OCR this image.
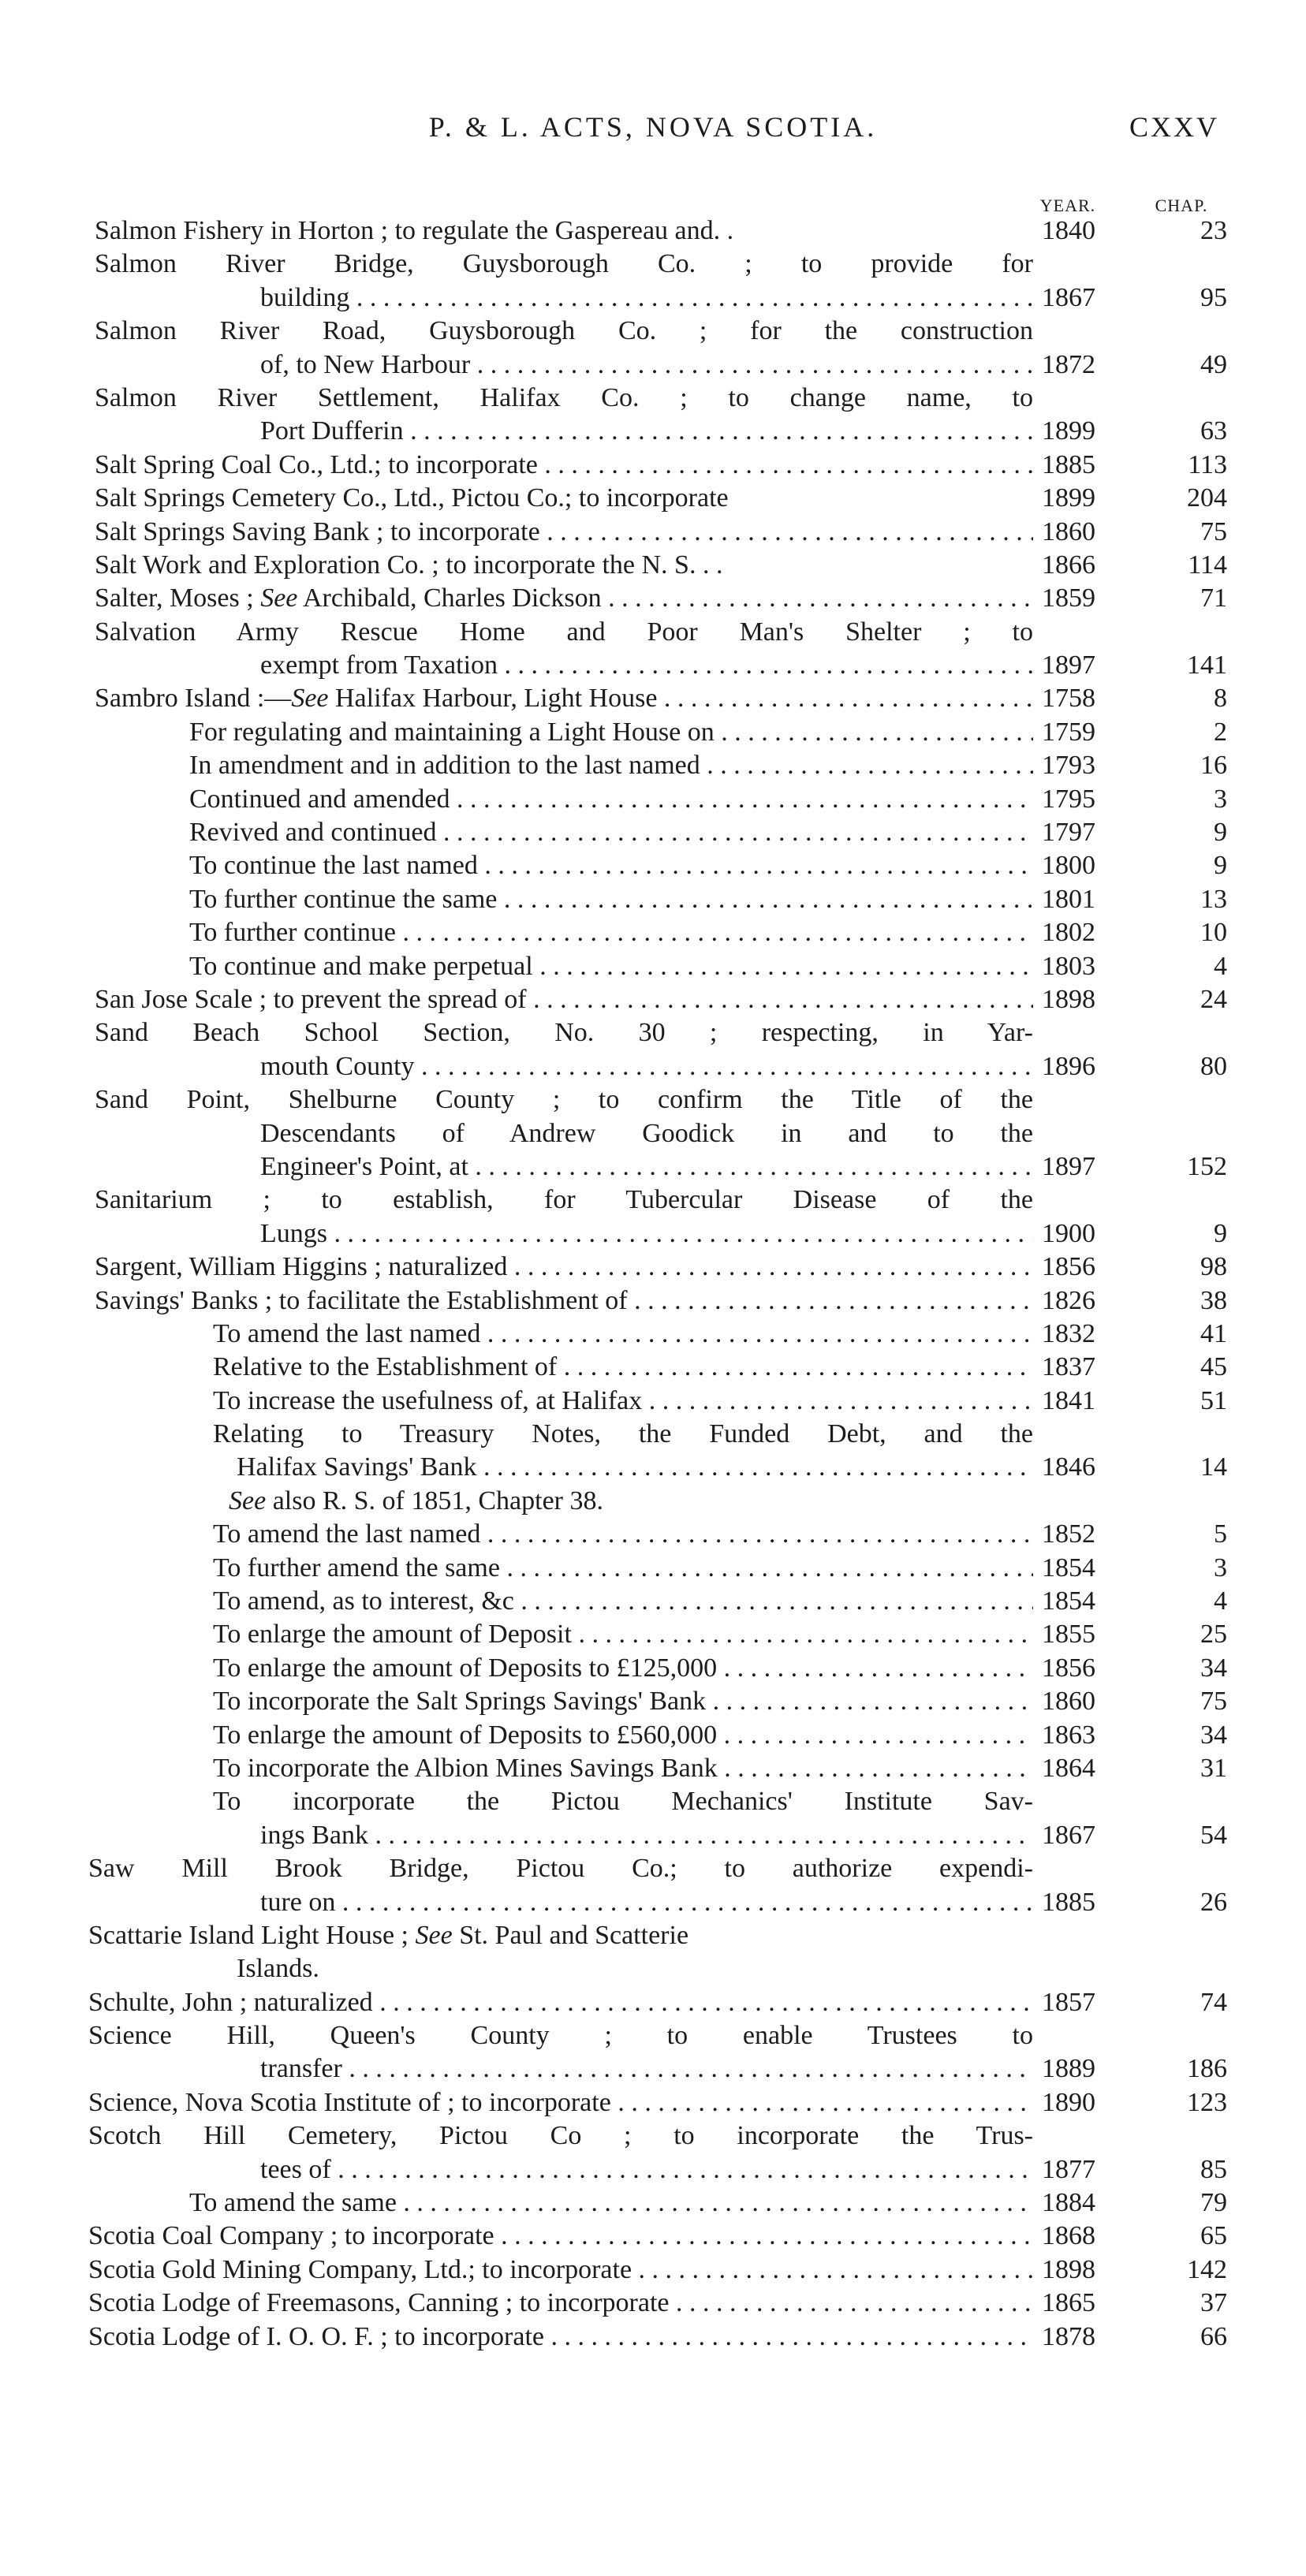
P. & L. ACTS, NOVA SCOTIA.	CXXV
YEAR.	CHAP.
Salmon Fishery in Horton ; to regulate the Gaspereau and. .	1840	23
Salmon River Bridge, Guysborough Co. ; to provide for
building . . .	1867	95
Salmon River Road, Guysborough Co. ; for the construction
of, to New Harbour . . .	1872	49
Salmon River Settlement, Halifax Co. ; to change name, to
Port Dufferin . . .	1899	63
Salt Spring Coal Co., Ltd.; to incorporate . . .	1885	113
Salt Springs Cemetery Co., Ltd., Pictou Co.; to incorporate	1899	204
Salt Springs Saving Bank ; to incorporate . . .	1860	75
Salt Work and Exploration Co. ; to incorporate the N. S. . .	1866	114
Salter, Moses ; See Archibald, Charles Dickson . . .	1859	71
Salvation Army Rescue Home and Poor Man's Shelter ; to
exempt from Taxation . . .	1897	141
Sambro Island :—See Halifax Harbour, Light House . . .	1758	8
For regulating and maintaining a Light House on . . .	1759	2
In amendment and in addition to the last named . . .	1793	16
Continued and amended . . .	1795	3
Revived and continued . . .	1797	9
To continue the last named . . .	1800	9
To further continue the same . . .	1801	13
To further continue . . .	1802	10
To continue and make perpetual . . .	1803	4
San Jose Scale ; to prevent the spread of . . .	1898	24
Sand Beach School Section, No. 30 ; respecting, in Yar-
mouth County . . .	1896	80
Sand Point, Shelburne County ; to confirm the Title of the
Descendants of Andrew Goodick in and to the
Engineer's Point, at . . .	1897	152
Sanitarium ; to establish, for Tubercular Disease of the
Lungs . . .	1900	9
Sargent, William Higgins ; naturalized . . .	1856	98
Savings' Banks ; to facilitate the Establishment of . . .	1826	38
To amend the last named . . .	1832	41
Relative to the Establishment of . . .	1837	45
To increase the usefulness of, at Halifax . . .	1841	51
Relating to Treasury Notes, the Funded Debt, and the
Halifax Savings' Bank . . .	1846	14
See also R. S. of 1851, Chapter 38.
To amend the last named . . .	1852	5
To further amend the same . . .	1854	3
To amend, as to interest, &c . . .	1854	4
To enlarge the amount of Deposit . . .	1855	25
To enlarge the amount of Deposits to £125,000 . . .	1856	34
To incorporate the Salt Springs Savings' Bank . . .	1860	75
To enlarge the amount of Deposits to £560,000 . . .	1863	34
To incorporate the Albion Mines Savings Bank . . .	1864	31
To incorporate the Pictou Mechanics' Institute Sav-
ings Bank . . .	1867	54
Saw Mill Brook Bridge, Pictou Co.; to authorize expendi-
ture on . . .	1885	26
Scattarie Island Light House ; See St. Paul and Scatterie
Islands.
Schulte, John ; naturalized . . .	1857	74
Science Hill, Queen's County ; to enable Trustees to
transfer . . .	1889	186
Science, Nova Scotia Institute of ; to incorporate . . .	1890	123
Scotch Hill Cemetery, Pictou Co ; to incorporate the Trus-
tees of . . .	1877	85
To amend the same . . .	1884	79
Scotia Coal Company ; to incorporate . . .	1868	65
Scotia Gold Mining Company, Ltd.; to incorporate . . .	1898	142
Scotia Lodge of Freemasons, Canning ; to incorporate . . .	1865	37
Scotia Lodge of I. O. O. F. ; to incorporate . . .	1878	66
